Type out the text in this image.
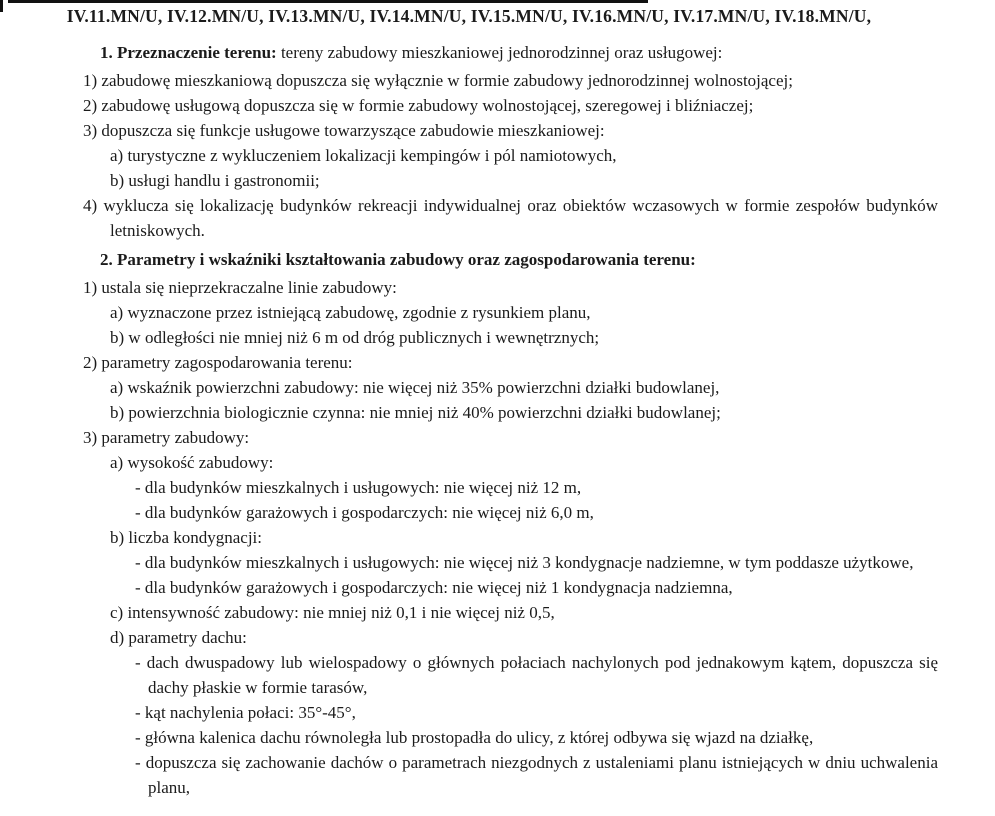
IV.11.MN/U, IV.12.MN/U, IV.13.MN/U, IV.14.MN/U, IV.15.MN/U, IV.16.MN/U, IV.17.MN/U, IV.18.MN/U,

1. Przeznaczenie terenu: tereny zabudowy mieszkaniowej jednorodzinnej oraz usługowej:

1) zabudowę mieszkaniową dopuszcza się wyłącznie w formie zabudowy jednorodzinnej wolnostojącej;

2) zabudowę usługową dopuszcza się w formie zabudowy wolnostojącej, szeregowej i bliźniaczej;

3) dopuszcza się funkcje usługowe towarzyszące zabudowie mieszkaniowej:

a) turystyczne z wykluczeniem lokalizacji kempingów i pól namiotowych,

b) usługi handlu i gastronomii;

4) wyklucza się lokalizację budynków rekreacji indywidualnej oraz obiektów wczasowych w formie zespołów budynków letniskowych.

2. Parametry i wskaźniki kształtowania zabudowy oraz zagospodarowania terenu:

1) ustala się nieprzekraczalne linie zabudowy:

a) wyznaczone przez istniejącą zabudowę, zgodnie z rysunkiem planu,

b) w odległości nie mniej niż 6 m od dróg publicznych i wewnętrznych;

2) parametry zagospodarowania terenu:

a) wskaźnik powierzchni zabudowy: nie więcej niż 35% powierzchni działki budowlanej,

b) powierzchnia biologicznie czynna: nie mniej niż 40% powierzchni działki budowlanej;

3) parametry zabudowy:

a) wysokość zabudowy:

- dla budynków mieszkalnych i usługowych: nie więcej niż 12 m,

- dla budynków garażowych i gospodarczych: nie więcej niż 6,0 m,

b) liczba kondygnacji:

- dla budynków mieszkalnych i usługowych: nie więcej niż 3 kondygnacje nadziemne, w tym poddasze użytkowe,

- dla budynków garażowych i gospodarczych: nie więcej niż 1 kondygnacja nadziemna,

c) intensywność zabudowy: nie mniej niż 0,1 i nie więcej niż 0,5,

d) parametry dachu:

- dach dwuspadowy lub wielospadowy o głównych połaciach nachylonych pod jednakowym kątem, dopuszcza się dachy płaskie w formie tarasów,

- kąt nachylenia połaci: 35°-45°,

- główna kalenica dachu równoległa lub prostopadła do ulicy, z której odbywa się wjazd na działkę,

- dopuszcza się zachowanie dachów o parametrach niezgodnych z ustaleniami planu istniejących w dniu uchwalenia planu,
